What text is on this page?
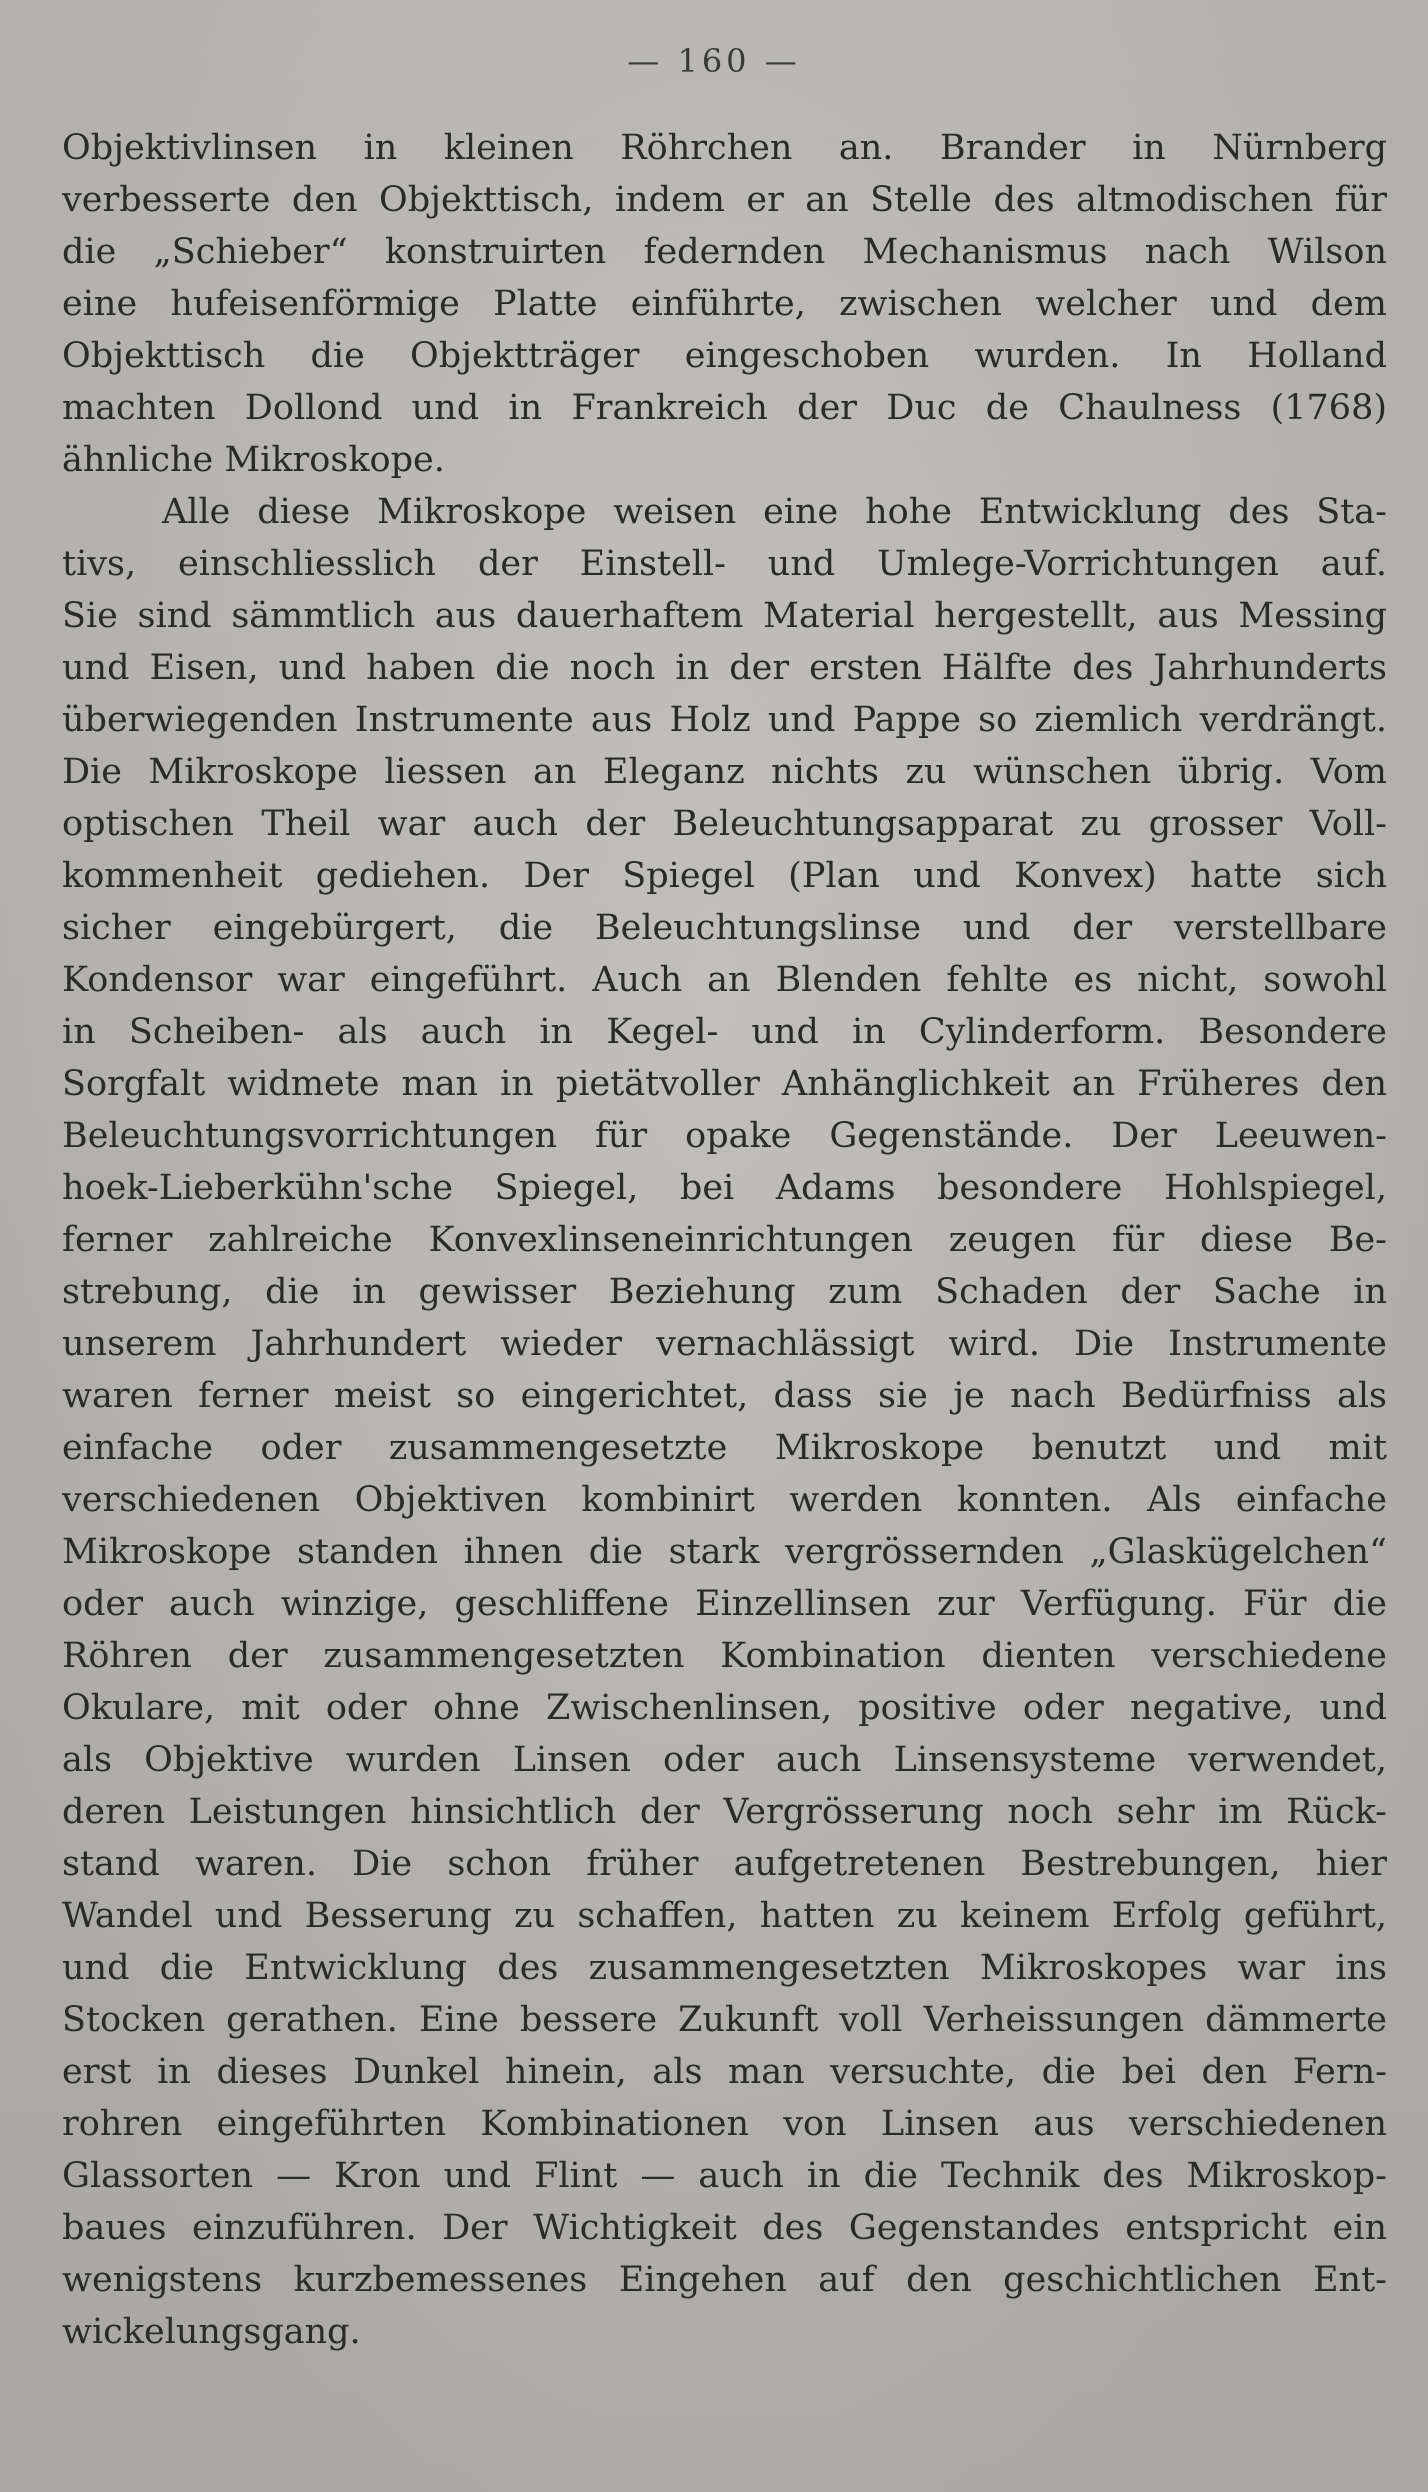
— 160 —
Objektivlinsen in kleinen Röhrchen an. Brander in Nürnberg
verbesserte den Objekttisch, indem er an Stelle des altmodischen für
die „Schieber“ konstruirten federnden Mechanismus nach Wilson
eine hufeisenförmige Platte einführte, zwischen welcher und dem
Objekttisch die Objektträger eingeschoben wurden. In Holland
machten Dollond und in Frankreich der Duc de Chaulness (1768)
ähnliche Mikroskope.
Alle diese Mikroskope weisen eine hohe Entwicklung des Sta-
tivs, einschliesslich der Einstell- und Umlege-Vorrichtungen auf.
Sie sind sämmtlich aus dauerhaftem Material hergestellt, aus Messing
und Eisen, und haben die noch in der ersten Hälfte des Jahrhunderts
überwiegenden Instrumente aus Holz und Pappe so ziemlich verdrängt.
Die Mikroskope liessen an Eleganz nichts zu wünschen übrig. Vom
optischen Theil war auch der Beleuchtungsapparat zu grosser Voll-
kommenheit gediehen. Der Spiegel (Plan und Konvex) hatte sich
sicher eingebürgert, die Beleuchtungslinse und der verstellbare
Kondensor war eingeführt. Auch an Blenden fehlte es nicht, sowohl
in Scheiben- als auch in Kegel- und in Cylinderform. Besondere
Sorgfalt widmete man in pietätvoller Anhänglichkeit an Früheres den
Beleuchtungsvorrichtungen für opake Gegenstände. Der Leeuwen-
hoek-Lieberkühn'sche Spiegel, bei Adams besondere Hohlspiegel,
ferner zahlreiche Konvexlinseneinrichtungen zeugen für diese Be-
strebung, die in gewisser Beziehung zum Schaden der Sache in
unserem Jahrhundert wieder vernachlässigt wird. Die Instrumente
waren ferner meist so eingerichtet, dass sie je nach Bedürfniss als
einfache oder zusammengesetzte Mikroskope benutzt und mit
verschiedenen Objektiven kombinirt werden konnten. Als einfache
Mikroskope standen ihnen die stark vergrössernden „Glaskügelchen“
oder auch winzige, geschliffene Einzellinsen zur Verfügung. Für die
Röhren der zusammengesetzten Kombination dienten verschiedene
Okulare, mit oder ohne Zwischenlinsen, positive oder negative, und
als Objektive wurden Linsen oder auch Linsensysteme verwendet,
deren Leistungen hinsichtlich der Vergrösserung noch sehr im Rück-
stand waren. Die schon früher aufgetretenen Bestrebungen, hier
Wandel und Besserung zu schaffen, hatten zu keinem Erfolg geführt,
und die Entwicklung des zusammengesetzten Mikroskopes war ins
Stocken gerathen. Eine bessere Zukunft voll Verheissungen dämmerte
erst in dieses Dunkel hinein, als man versuchte, die bei den Fern-
rohren eingeführten Kombinationen von Linsen aus verschiedenen
Glassorten — Kron und Flint — auch in die Technik des Mikroskop-
baues einzuführen. Der Wichtigkeit des Gegenstandes entspricht ein
wenigstens kurzbemessenes Eingehen auf den geschichtlichen Ent-
wickelungsgang.
